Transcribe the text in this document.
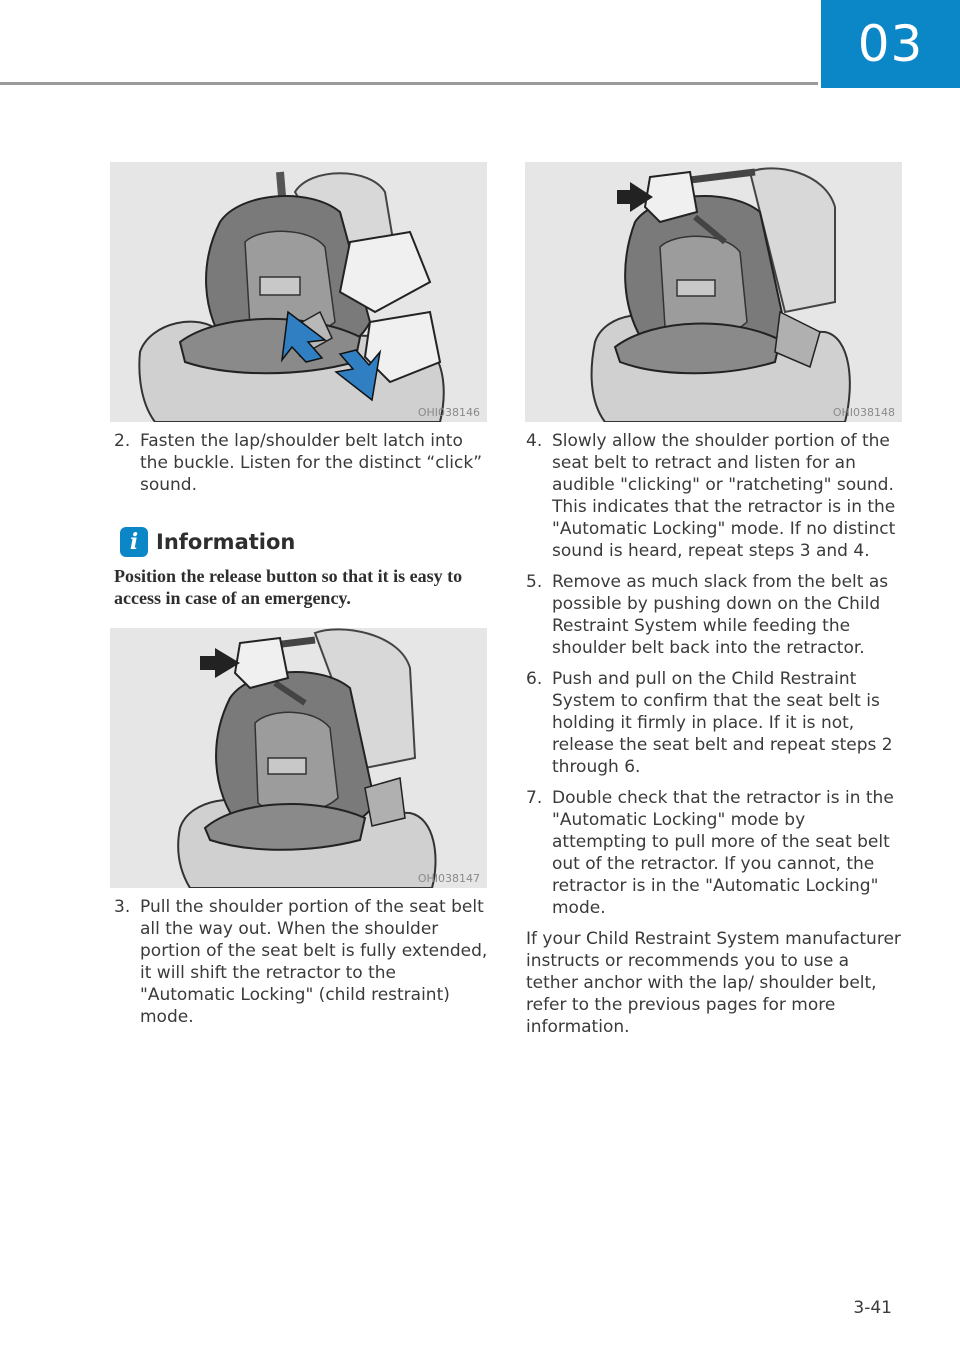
03
OHI038146
2. Fasten the lap/shoulder belt latch into the buckle. Listen for the distinct “click” sound.
i Information
Position the release button so that it is easy to access in case of an emergency.
OHI038147
3. Pull the shoulder portion of the seat belt all the way out. When the shoulder portion of the seat belt is fully extended, it will shift the retractor to the "Automatic Locking" (child restraint) mode.
OHI038148
4. Slowly allow the shoulder portion of the seat belt to retract and listen for an audible "clicking" or "ratcheting" sound. This indicates that the retractor is in the "Automatic Locking" mode. If no distinct sound is heard, repeat steps 3 and 4.
5. Remove as much slack from the belt as possible by pushing down on the Child Restraint System while feeding the shoulder belt back into the retractor.
6. Push and pull on the Child Restraint System to confirm that the seat belt is holding it firmly in place. If it is not, release the seat belt and repeat steps 2 through 6.
7. Double check that the retractor is in the "Automatic Locking" mode by attempting to pull more of the seat belt out of the retractor. If you cannot, the retractor is in the "Automatic Locking" mode.

If your Child Restraint System manufacturer instructs or recommends you to use a tether anchor with the lap/ shoulder belt, refer to the previous pages for more information.

3-41
